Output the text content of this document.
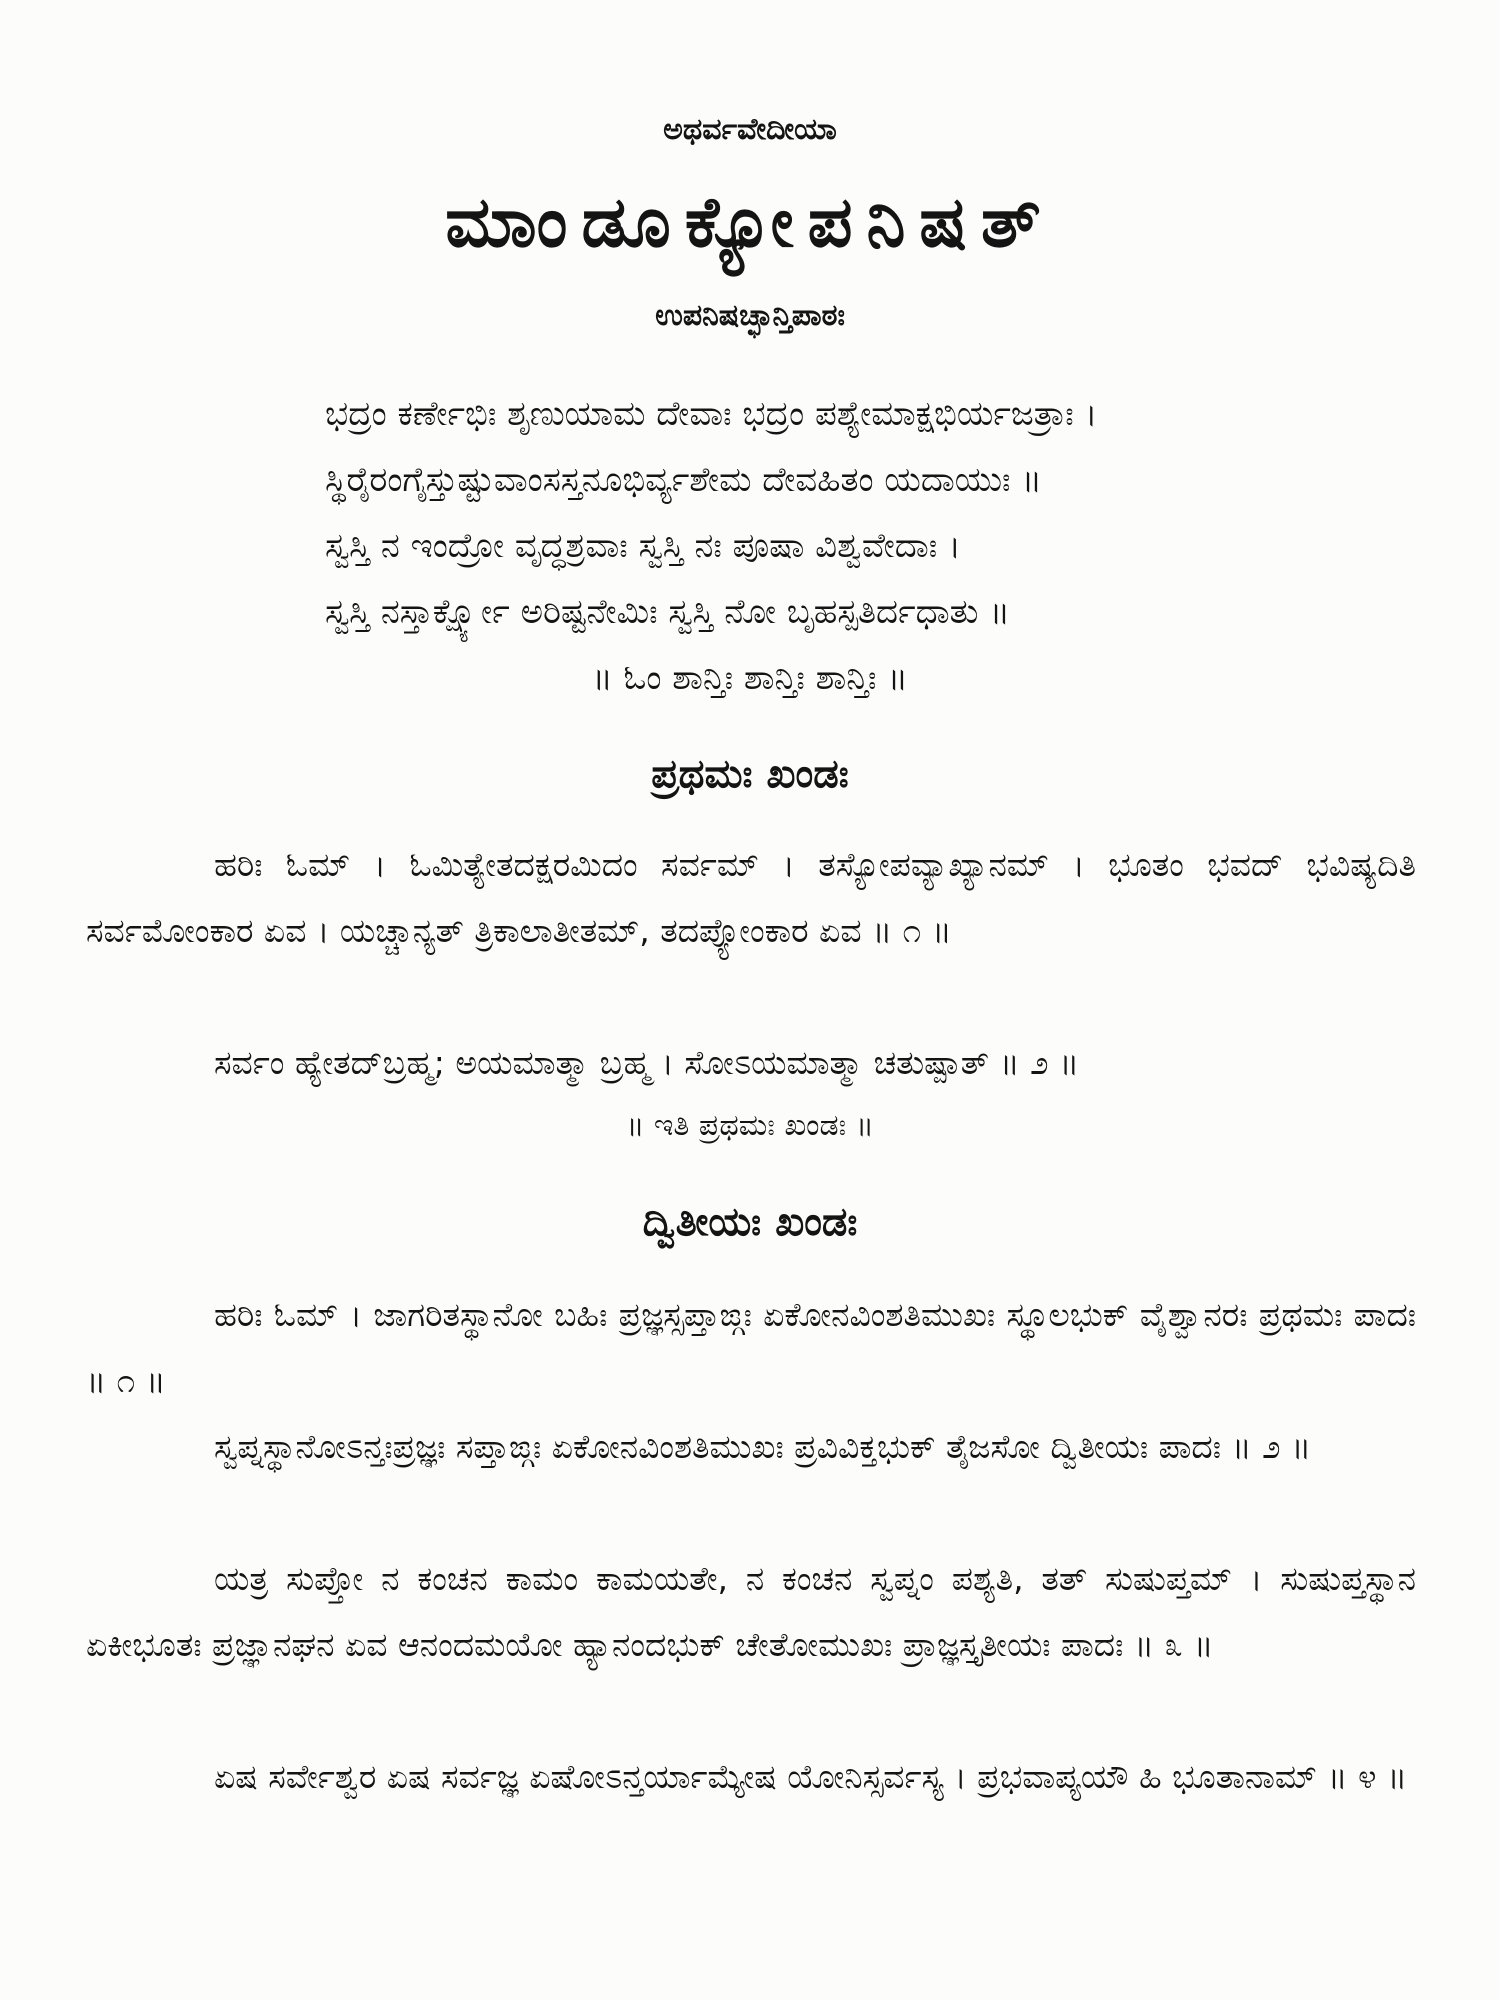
ಅಥರ್ವವೇದೀಯಾ
ಮಾಂಡೂಕ್ಯೋಪನಿಷತ್
ಉಪನಿಷಚ್ಛಾನ್ತಿಪಾಠಃ
ಭದ್ರಂ ಕರ್ಣೇಭಿಃ ಶೃಣುಯಾಮ ದೇವಾಃ ಭದ್ರಂ ಪಶ್ಯೇಮಾಕ್ಷಭಿರ್ಯಜತ್ರಾಃ ।
ಸ್ಥಿರೈರಂಗೈಸ್ತುಷ್ಟುವಾಂಸಸ್ತನೂಭಿರ್ವ್ಯಶೇಮ ದೇವಹಿತಂ ಯದಾಯುಃ ॥
ಸ್ವಸ್ತಿ ನ ಇಂದ್ರೋ ವೃದ್ಧಶ್ರವಾಃ ಸ್ವಸ್ತಿ ನಃ ಪೂಷಾ ವಿಶ್ವವೇದಾಃ ।
ಸ್ವಸ್ತಿ ನಸ್ತಾರ್ಕ್ಷ್ಯೋ ಅರಿಷ್ಟನೇಮಿಃ ಸ್ವಸ್ತಿ ನೋ ಬೃಹಸ್ಪತಿರ್ದಧಾತು ॥
॥ ಓಂ ಶಾನ್ತಿಃ ಶಾನ್ತಿಃ ಶಾನ್ತಿಃ ॥
ಪ್ರಥಮಃ ಖಂಡಃ
ಹರಿಃ ಓಮ್ । ಓಮಿತ್ಯೇತದಕ್ಷರಮಿದಂ ಸರ್ವಮ್ । ತಸ್ಯೋಪವ್ಯಾಖ್ಯಾನಮ್ । ಭೂತಂ ಭವದ್ ಭವಿಷ್ಯದಿತಿ ಸರ್ವಮೋಂಕಾರ ಏವ । ಯಚ್ಚಾನ್ಯತ್ ತ್ರಿಕಾಲಾತೀತಮ್, ತದಪ್ಯೋಂಕಾರ ಏವ ॥ ೧ ॥
ಸರ್ವಂ ಹ್ಯೇತದ್‌ಬ್ರಹ್ಮ; ಅಯಮಾತ್ಮಾ ಬ್ರಹ್ಮ । ಸೋಽಯಮಾತ್ಮಾ ಚತುಷ್ಪಾತ್ ॥ ೨ ॥
॥ ಇತಿ ಪ್ರಥಮಃ ಖಂಡಃ ॥
ದ್ವಿತೀಯಃ ಖಂಡಃ
ಹರಿಃ ಓಮ್ । ಜಾಗರಿತಸ್ಥಾನೋ ಬಹಿಃ ಪ್ರಜ್ಞಸ್ಸಪ್ತಾಙ್ಗಃ ಏಕೋನವಿಂಶತಿಮುಖಃ ಸ್ಥೂಲಭುಕ್ ವೈಶ್ವಾನರಃ ಪ್ರಥಮಃ ಪಾದಃ ॥ ೧ ॥
ಸ್ವಪ್ನಸ್ಥಾನೋಽನ್ತಃಪ್ರಜ್ಞಃ ಸಪ್ತಾಙ್ಗಃ ಏಕೋನವಿಂಶತಿಮುಖಃ ಪ್ರವಿವಿಕ್ತಭುಕ್ ತೈಜಸೋ ದ್ವಿತೀಯಃ ಪಾದಃ ॥ ೨ ॥
ಯತ್ರ ಸುಪ್ತೋ ನ ಕಂಚನ ಕಾಮಂ ಕಾಮಯತೇ, ನ ಕಂಚನ ಸ್ವಪ್ನಂ ಪಶ್ಯತಿ, ತತ್ ಸುಷುಪ್ತಮ್ । ಸುಷುಪ್ತಸ್ಥಾನ ಏಕೀಭೂತಃ ಪ್ರಜ್ಞಾನಘನ ಏವ ಆನಂದಮಯೋ ಹ್ಯಾನಂದಭುಕ್ ಚೇತೋಮುಖಃ ಪ್ರಾಜ್ಞಸ್ತೃತೀಯಃ ಪಾದಃ ॥ ೩ ॥
ಏಷ ಸರ್ವೇಶ್ವರ ಏಷ ಸರ್ವಜ್ಞ ಏಷೋಽನ್ತರ್ಯಾಮ್ಯೇಷ ಯೋನಿಸ್ಸರ್ವಸ್ಯ । ಪ್ರಭವಾಪ್ಯಯೌ ಹಿ ಭೂತಾನಾಮ್ ॥ ೪ ॥
